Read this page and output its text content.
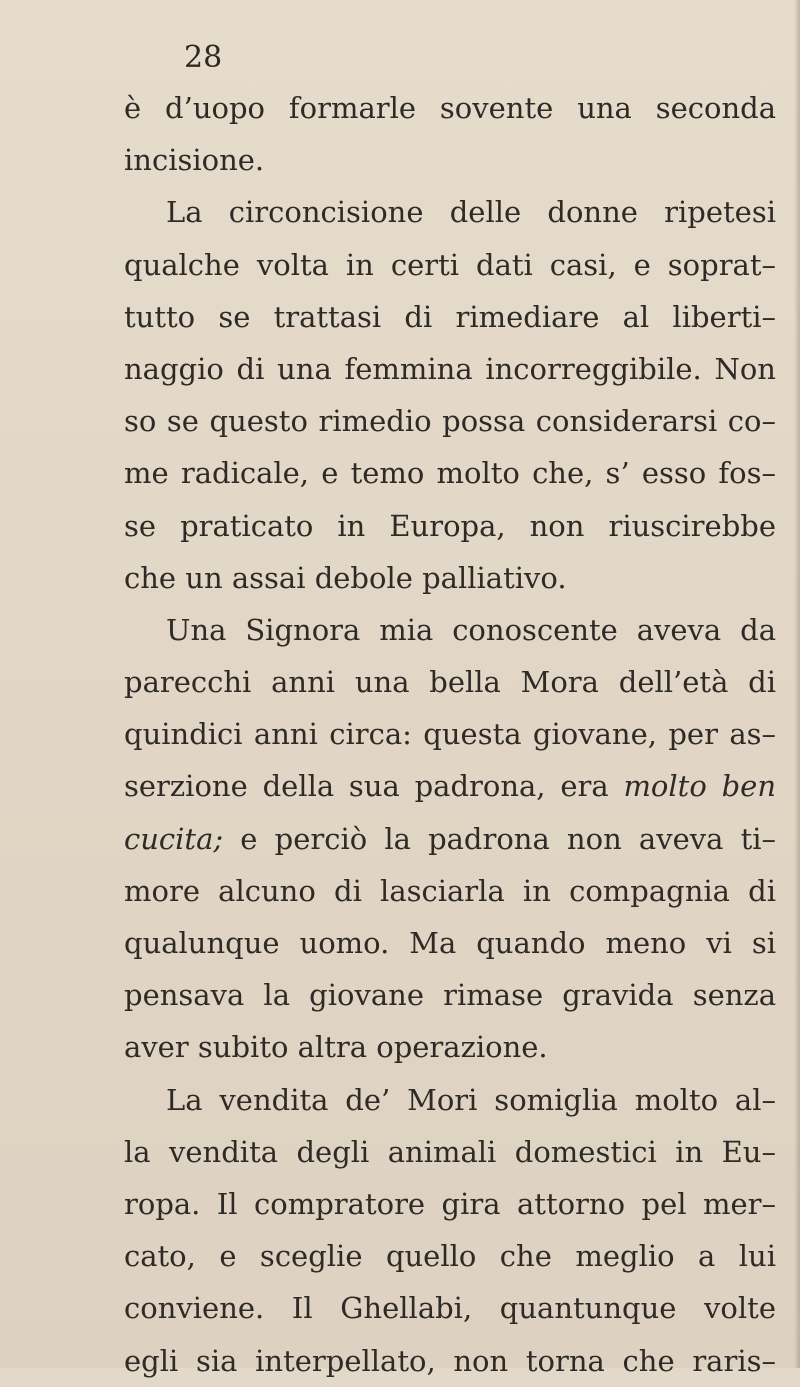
28

è d’uopo formarle sovente una seconda
incisione.
La circoncisione delle donne ripetesi
qualche volta in certi dati casi, e soprat–
tutto se trattasi di rimediare al liberti–
naggio di una femmina incorreggibile. Non
so se questo rimedio possa considerarsi co–
me radicale, e temo molto che, s’ esso fos–
se praticato in Europa, non riuscirebbe
che un assai debole palliativo.
Una Signora mia conoscente aveva da
parecchi anni una bella Mora dell’età di
quindici anni circa: questa giovane, per as–
serzione della sua padrona, era molto ben
cucita; e perciò la padrona non aveva ti–
more alcuno di lasciarla in compagnia di
qualunque uomo. Ma quando meno vi si
pensava la giovane rimase gravida senza
aver subito altra operazione.
La vendita de’ Mori somiglia molto al–
la vendita degli animali domestici in Eu–
ropa. Il compratore gira attorno pel mer–
cato, e sceglie quello che meglio a lui
conviene. Il Ghellabi, quantunque volte
egli sia interpellato, non torna che raris–
